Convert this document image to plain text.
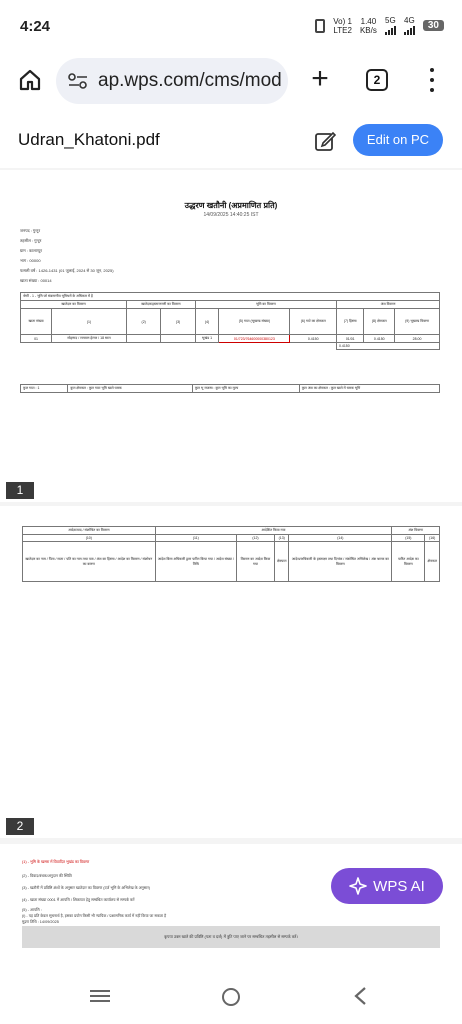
4:24	Vo) 1
LTE2
1.40
KB/s
5G 4G	30
ap.wps.com/cms/mod +	2
Udran_Khatoni.pdf	Edit on PC
उद्धरण खतौनी (अप्रमाणित प्रति)
14/09/2025 14:40:25 IST
जनपद : गुन्टूर
तहसील : गुन्टूर
ग्राम : कालाप्पुर
भाग : 00000
फसली वर्ष : 1426-1431 (01 जुलाई, 2024 से 30 जून, 2025)
खाता संख्या : 00014
श्रेणी - 1 - भूमि जो संक्रमणीय भूमिधरों के अधिकार में है									
खातेदार का विवरण		खातेदार/हस्तान्तरणी का विवरण		भूमि का विवरण			अंश विवरण		
खाता संख्या	(1)	(2)	(3)	(4)	(5) गाटा (भूखण्ड संख्या)	(6) गाटे का क्षेत्रफल	(7) हिस्सा	(8) क्षेत्रफल	(9) भूखण्ड विवरण
01	मोहम्मद / रामायन हेल्पर / 18 साल			भूखंड 1	01/723/764600000380123	0.4150	01/01	0.4150	28.00
							0.4150		
कुल गाटा : 1	कुल क्षेत्रफल : कुल गाटा भूमि खाते धारक	कुल भू राजस्व : कुल भूमि का मूल्य	कुल अंश का क्षेत्रफल : कुल खाते में धारक भूमि
1
आदेश/वाद / संशोधित का विवरण	आदेशित किया गया				अंश विवरण	
(10)	(11)	(12)	(13)	(14)	(15)	(16)
खातेदार का नाम / पिता / माता / पति का नाम तथा पता / अंश का हिस्सा / आदेश का विवरण / संशोधन का कारण	आदेश किस अधिकारी द्वारा पारित किया गया / आदेश संख्या / तिथि	विवरण का आदेश किया गया	क्षेत्रफल	आदेश/अधिकारी के हस्ताक्षर तथा दिनांक / संशोधित अभिलेख / अंश धारक का विवरण	पारित आदेश का विवरण	क्षेत्रफल
2
(1) - भूमि के खसरा में विवादित भूखंड का विवरण
(2) - विवाद/बंधक/अनुदान की स्थिति
(3) - खतौनी में प्रविष्टि अंशों के अनुसार खातेदार का विवरण (दर्ज भूमि के अभिलेख के अनुसार)
(4) - खाता संख्या 0001 में आपत्ति / शिकायत हेतु सम्बंधित कार्यालय से सम्पर्क करें
(5) - आपत्ति :
(i) - यह प्रति केवल सूचनार्थ है, इसका प्रयोग किसी भी न्यायिक / प्रशासनिक कार्य में नहीं किया जा सकता है
मुद्रण तिथि : 14/09/2025
कृपया उक्त खाते की प्रविष्टि (पता व दर्ज) में त्रुटि पाए जाने पर सम्बंधित तहसील से सम्पर्क करें।
WPS AI
